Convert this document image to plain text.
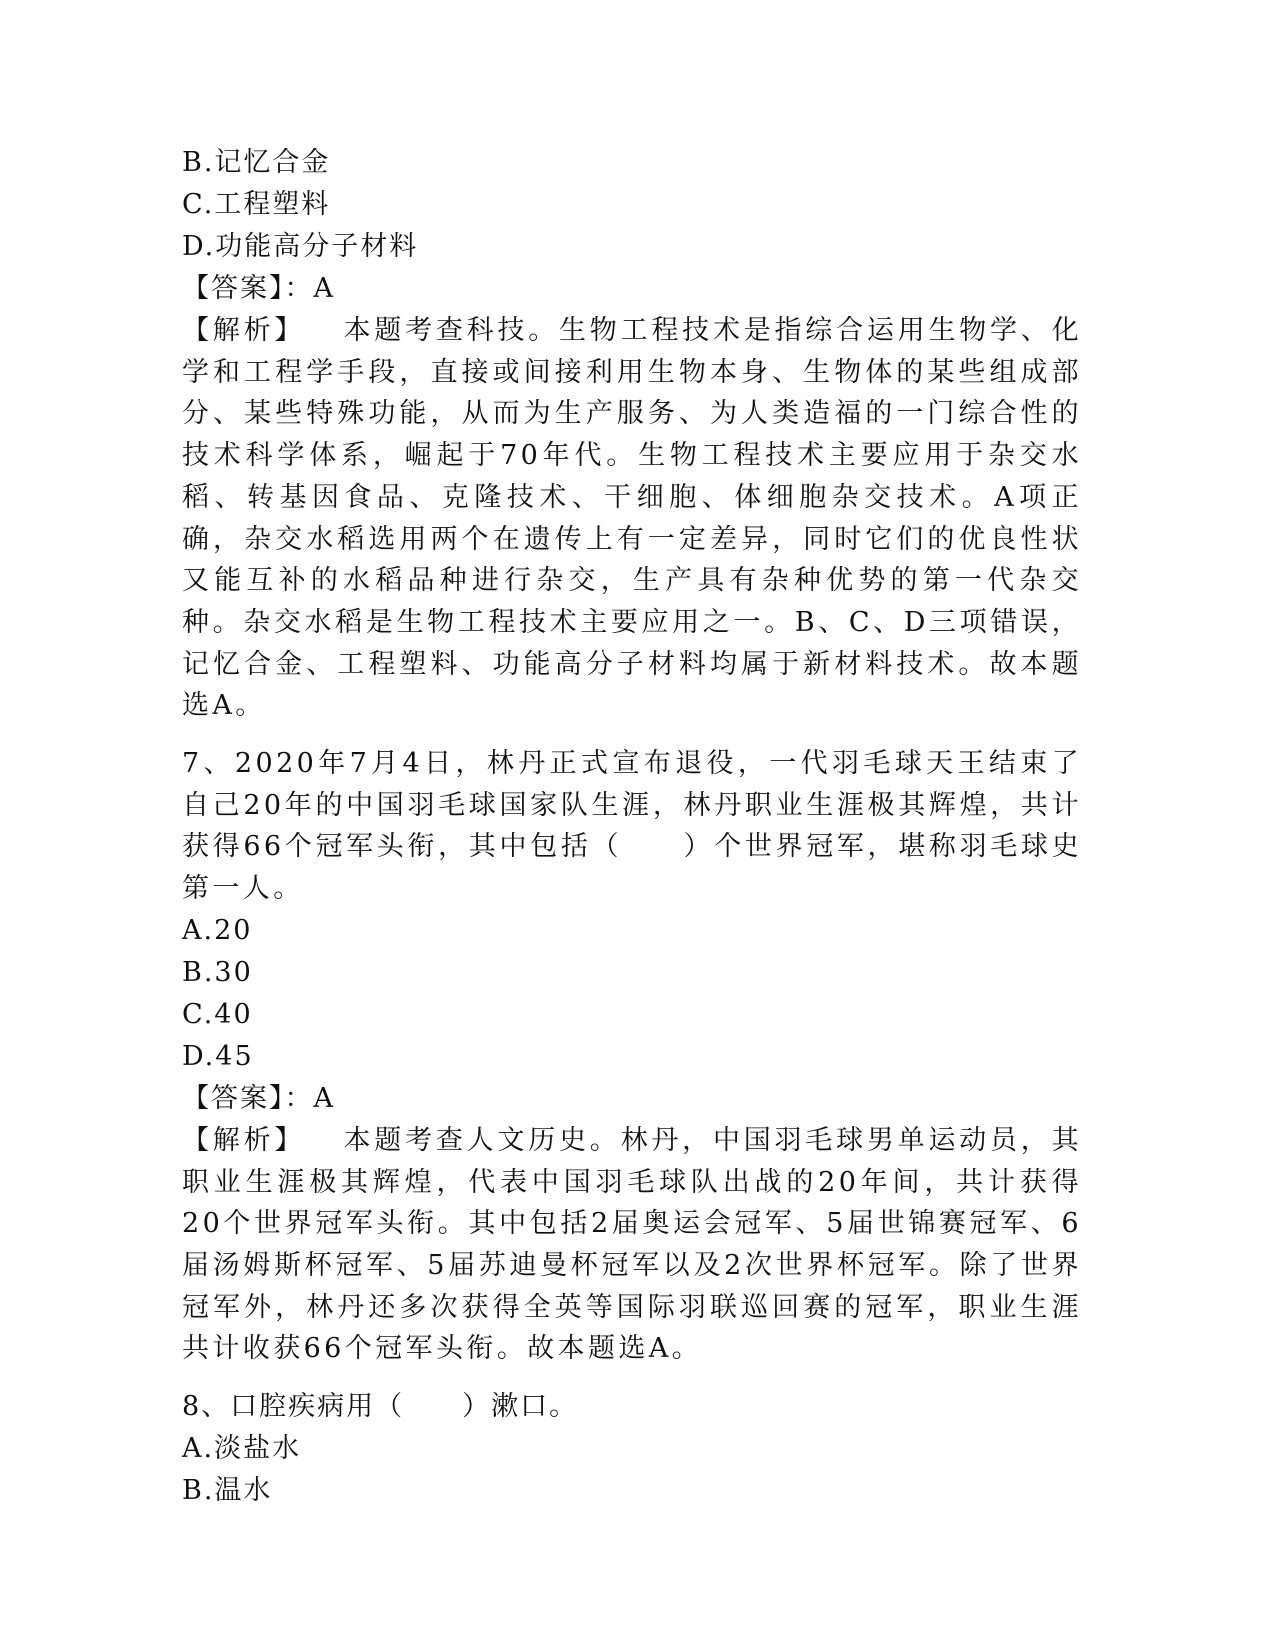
B.记忆合金
C.工程塑料
D.功能高分子材料
【答案】：A

【解析】 本题考查科技。生物工程技术是指综合运用生物学、化学和工程学手段，直接或间接利用生物本身、生物体的某些组成部分、某些特殊功能，从而为生产服务、为人类造福的一门综合性的技术科学体系，崛起于70年代。生物工程技术主要应用于杂交水稻、转基因食品、克隆技术、干细胞、体细胞杂交技术。A项正确，杂交水稻选用两个在遗传上有一定差异，同时它们的优良性状又能互补的水稻品种进行杂交，生产具有杂种优势的第一代杂交种。杂交水稻是生物工程技术主要应用之一。B、C、D三项错误，记忆合金、工程塑料、功能高分子材料均属于新材料技术。故本题选A。

7、2020年7月4日，林丹正式宣布退役，一代羽毛球天王结束了自己20年的中国羽毛球国家队生涯，林丹职业生涯极其辉煌，共计获得66个冠军头衔，其中包括（　　）个世界冠军，堪称羽毛球史第一人。

A.20
B.30
C.40
D.45
【答案】：A

【解析】 本题考查人文历史。林丹，中国羽毛球男单运动员，其职业生涯极其辉煌，代表中国羽毛球队出战的20年间，共计获得20个世界冠军头衔。其中包括2届奥运会冠军、5届世锦赛冠军、6届汤姆斯杯冠军、5届苏迪曼杯冠军以及2次世界杯冠军。除了世界冠军外，林丹还多次获得全英等国际羽联巡回赛的冠军，职业生涯共计收获66个冠军头衔。故本题选A。

8、口腔疾病用（　　）漱口。
A.淡盐水
B.温水
